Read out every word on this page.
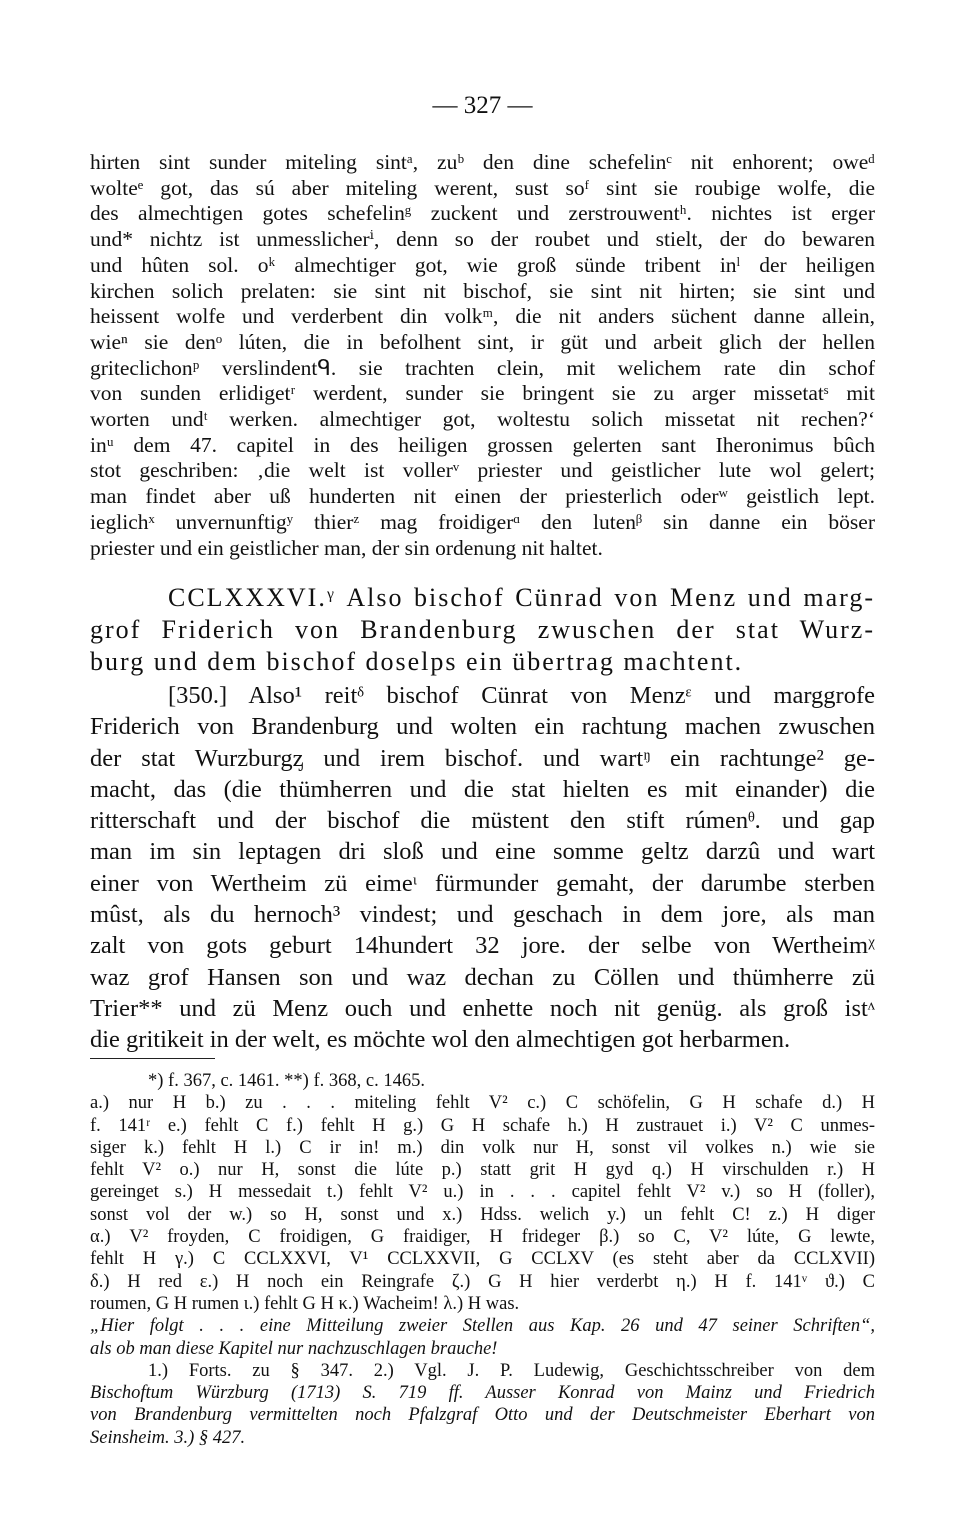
— 327 —
hirten sint sunder miteling sintᵃ, zuᵇ den dine schefelinᶜ nit enhorent; oweᵈ
wolteᵉ got, das sú aber miteling werent, sust soᶠ sint sie roubige wolfe, die
des almechtigen gotes schefelinᵍ zuckent und zerstrouwentʰ. nichtes ist erger
und* nichtz ist unmesslicherⁱ, denn so der roubet und stielt, der do bewaren
und hûten sol. oᵏ almechtiger got, wie groß sünde tribent inˡ der heiligen
kirchen solich prelaten: sie sint nit bischof, sie sint nit hirten; sie sint und
heissent wolfe und verderbent din volkᵐ, die nit anders süchent danne allein,
wieⁿ sie denᵒ lúten, die in befolhent sint, ir güt und arbeit glich der hellen
griteclichonᵖ verslindentᑫ. sie trachten clein, mit welichem rate din schof
von sunden erlidigetʳ werdent, sunder sie bringent sie zu arger missetatˢ mit
worten undᵗ werken. almechtiger got, woltestu solich missetat nit rechen?‘
inᵘ dem 47. capitel in des heiligen grossen gelerten sant Iheronimus bûch
stot geschriben: ‚die welt ist vollerᵛ priester und geistlicher lute wol gelert;
man findet aber uß hunderten nit einen der priesterlich oderʷ geistlich lept.
ieglichˣ unvernunftigʸ thierᶻ mag froidigerᵅ den lutenᵝ sin danne ein böser
priester und ein geistlicher man, der sin ordenung nit haltet.
CCLXXXVI.ᵞ Also bischof Cünrad von Menz und marg-
grof Friderich von Brandenburg zwuschen der stat Wurz-
burg und dem bischof doselps ein übertrag machtent.
[350.] Also¹ reitᵟ bischof Cünrat von Menzᵋ und marggrofe
Friderich von Brandenburg und wolten ein rachtung machen zwuschen
der stat Wurzburgᶎ und irem bischof. und wartᵑ ein rachtunge² ge-
macht, das (die thümherren und die stat hielten es mit einander) die
ritterschaft und der bischof die müstent den stift rúmenᶿ. und gap
man im sin leptagen dri sloß und eine somme geltz darzû und wart
einer von Wertheim zü eimeᶥ fürmunder gemaht, der darumbe sterben
mûst, als du hernoch³ vindest; und geschach in dem jore, als man
zalt von gots geburt 14hundert 32 jore. der selbe von Wertheimᵡ
waz grof Hansen son und waz dechan zu Cöllen und thümherre zü
Trier** und zü Menz ouch und enhette noch nit genüg. als groß istᶺ
die gritikeit in der welt, es möchte wol den almechtigen got herbarmen.
*) f. 367, c. 1461. **) f. 368, c. 1465.
a.) nur H b.) zu . . . miteling fehlt V² c.) C schöfelin, G H schafe d.) H
f. 141ʳ e.) fehlt C f.) fehlt H g.) G H schafe h.) H zustrauet i.) V² C unmes-
siger k.) fehlt H l.) C ir in! m.) din volk nur H, sonst vil volkes n.) wie sie
fehlt V² o.) nur H, sonst die lúte p.) statt grit H gyd q.) H virschulden r.) H
gereinget s.) H messedait t.) fehlt V² u.) in . . . capitel fehlt V² v.) so H (foller),
sonst vol der w.) so H, sonst und x.) Hdss. welich y.) un fehlt C! z.) H diger
α.) V² froyden, C froidigen, G fraidiger, H frideger β.) so C, V² lúte, G lewte,
fehlt H γ.) C CCLXXVI, V¹ CCLXXVII, G CCLXV (es steht aber da CCLXVII)
δ.) H red ε.) H noch ein Reingrafe ζ.) G H hier verderbt η.) H f. 141ᵛ ϑ.) C
roumen, G H rumen ι.) fehlt G H κ.) Wacheim! λ.) H was.
„Hier folgt . . . eine Mitteilung zweier Stellen aus Kap. 26 und 47 seiner Schriften“,
als ob man diese Kapitel nur nachzuschlagen brauche!
1.) Forts. zu § 347. 2.) Vgl. J. P. Ludewig, Geschichtsschreiber von dem
Bischoftum Würzburg (1713) S. 719 ff. Ausser Konrad von Mainz und Friedrich
von Brandenburg vermittelten noch Pfalzgraf Otto und der Deutschmeister Eberhart von
Seinsheim. 3.) § 427.
